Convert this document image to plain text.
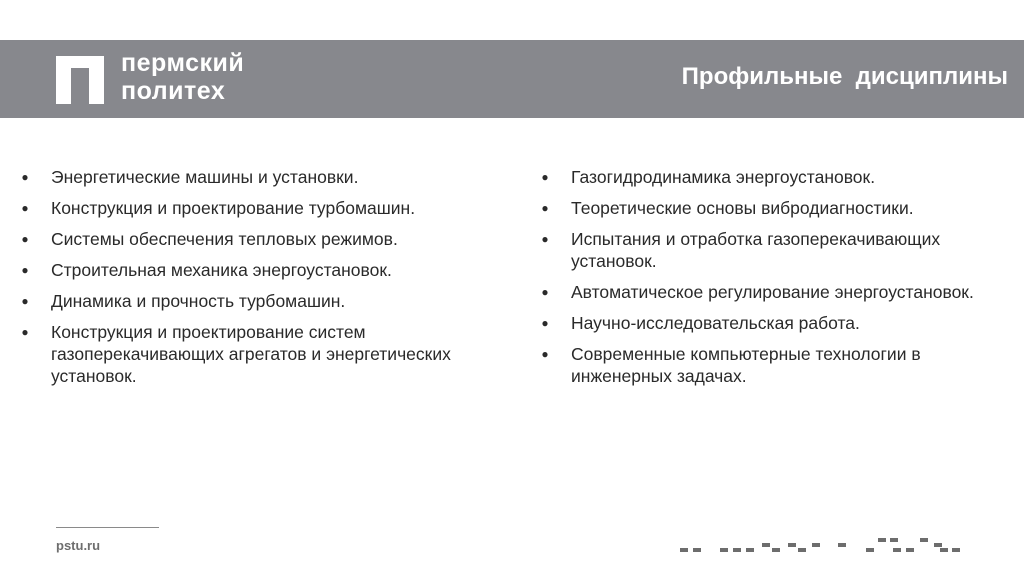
пермский
политех
Профильные  дисциплины
●	Энергетические машины и установки.
●	Конструкция и проектирование турбомашин.
●	Системы обеспечения тепловых режимов.
●	Строительная механика энергоустановок.
●	Динамика и прочность турбомашин.
●	Конструкция и проектирование систем газоперекачивающих агрегатов и энергетических установок.
●	Газогидродинамика энергоустановок.
●	Теоретические основы вибродиагностики.
●	Испытания и отработка газоперекачивающих установок.
●	Автоматическое регулирование энергоустановок.
●	Научно-исследовательская работа.
●	Современные компьютерные технологии в инженерных задачах.
pstu.ru
